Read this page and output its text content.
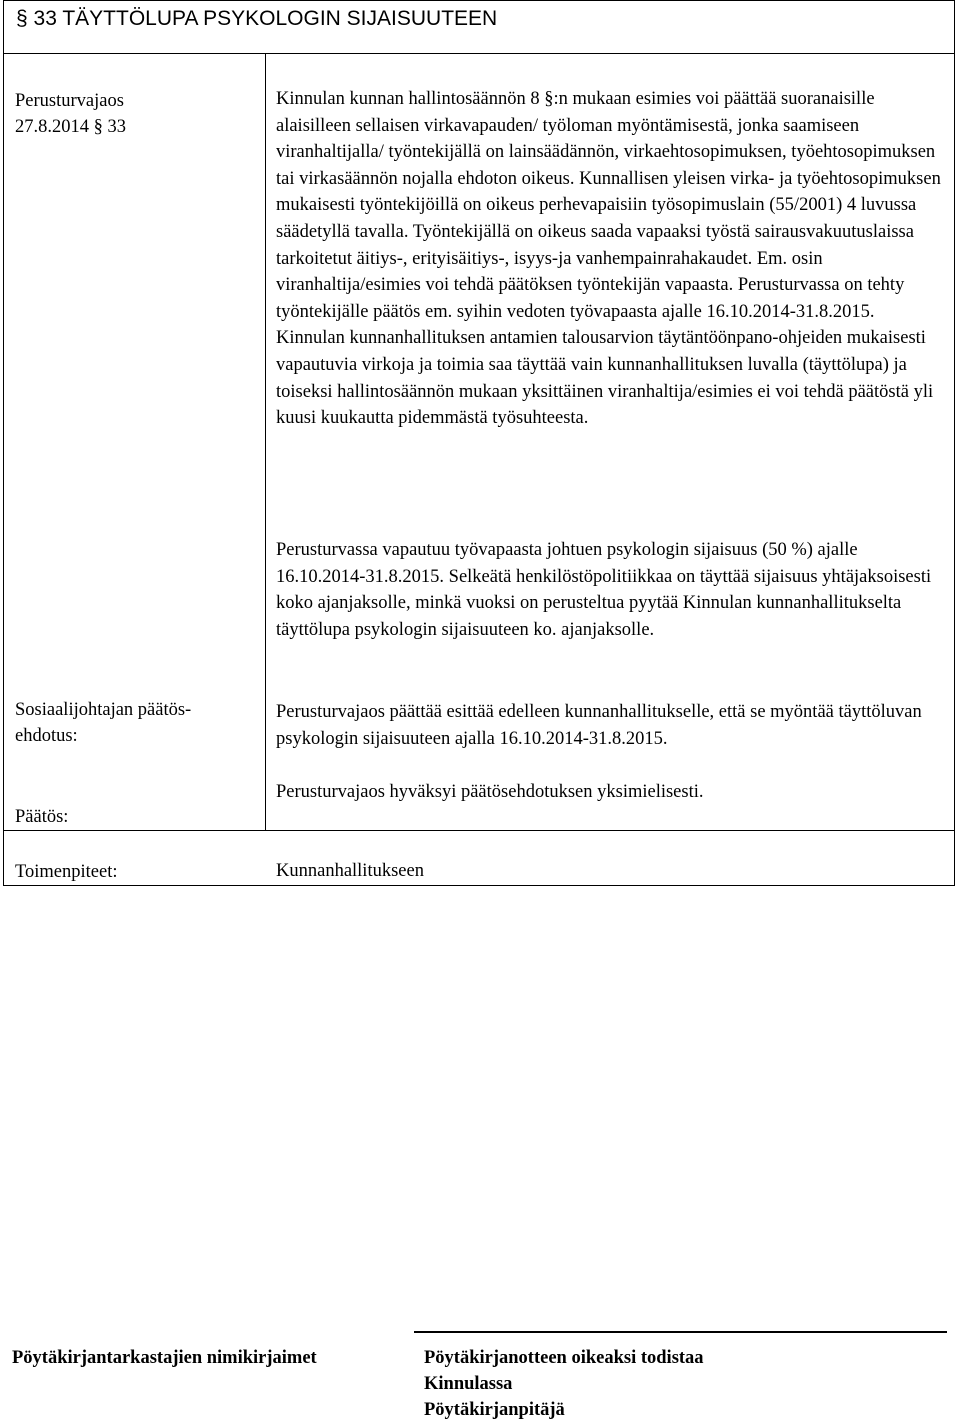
§ 33 TÄYTTÖLUPA PSYKOLOGIN SIJAISUUTEEN
Perusturvajaos
27.8.2014 § 33
Sosiaalijohtajan päätös-
ehdotus:
Päätös:
Toimenpiteet:

Kinnulan kunnan hallintosäännön 8 §:n mukaan esimies voi päättää suoranaisille alaisilleen sellaisen virkavapauden/ työloman myöntämisestä, jonka saamiseen viranhaltijalla/ työntekijällä on lainsäädännön, virkaehtosopimuksen, työehtosopimuksen tai virkasäännön nojalla ehdoton oikeus. Kunnallisen yleisen virka- ja työehtosopimuksen mukaisesti työntekijöillä on oikeus perhevapaisiin työsopimuslain (55/2001) 4 luvussa säädetyllä tavalla. Työntekijällä on oikeus saada vapaaksi työstä sairausvakuutuslaissa tarkoitetut äitiys-, erityisäitiys-, isyys-ja vanhempainrahakaudet. Em. osin viranhaltija/esimies voi tehdä päätöksen työntekijän vapaasta. Perusturvassa on tehty työntekijälle päätös em. syihin vedoten työvapaasta ajalle 16.10.2014-31.8.2015.

Kinnulan kunnanhallituksen antamien talousarvion täytäntöönpano-ohjeiden mukaisesti vapautuvia virkoja ja toimia saa täyttää vain kunnanhallituksen luvalla (täyttölupa) ja toiseksi hallintosäännön mukaan yksittäinen viranhaltija/esimies ei voi tehdä päätöstä yli kuusi kuukautta pidemmästä työsuhteesta.

Perusturvassa vapautuu työvapaasta johtuen psykologin sijaisuus (50 %) ajalle 16.10.2014-31.8.2015. Selkeätä henkilöstöpolitiikkaa on täyttää sijaisuus yhtäjaksoisesti koko ajanjaksolle, minkä vuoksi on perusteltua pyytää Kinnulan kunnanhallitukselta täyttölupa psykologin sijaisuuteen ko. ajanjaksolle.

Perusturvajaos päättää esittää edelleen kunnanhallitukselle, että se myöntää täyttöluvan psykologin sijaisuuteen ajalla 16.10.2014-31.8.2015.
Perusturvajaos hyväksyi päätösehdotuksen yksimielisesti.
Kunnanhallitukseen
Pöytäkirjantarkastajien nimikirjaimet	Pöytäkirjanotteen oikeaksi todistaa
Kinnulassa
Pöytäkirjanpitäjä
